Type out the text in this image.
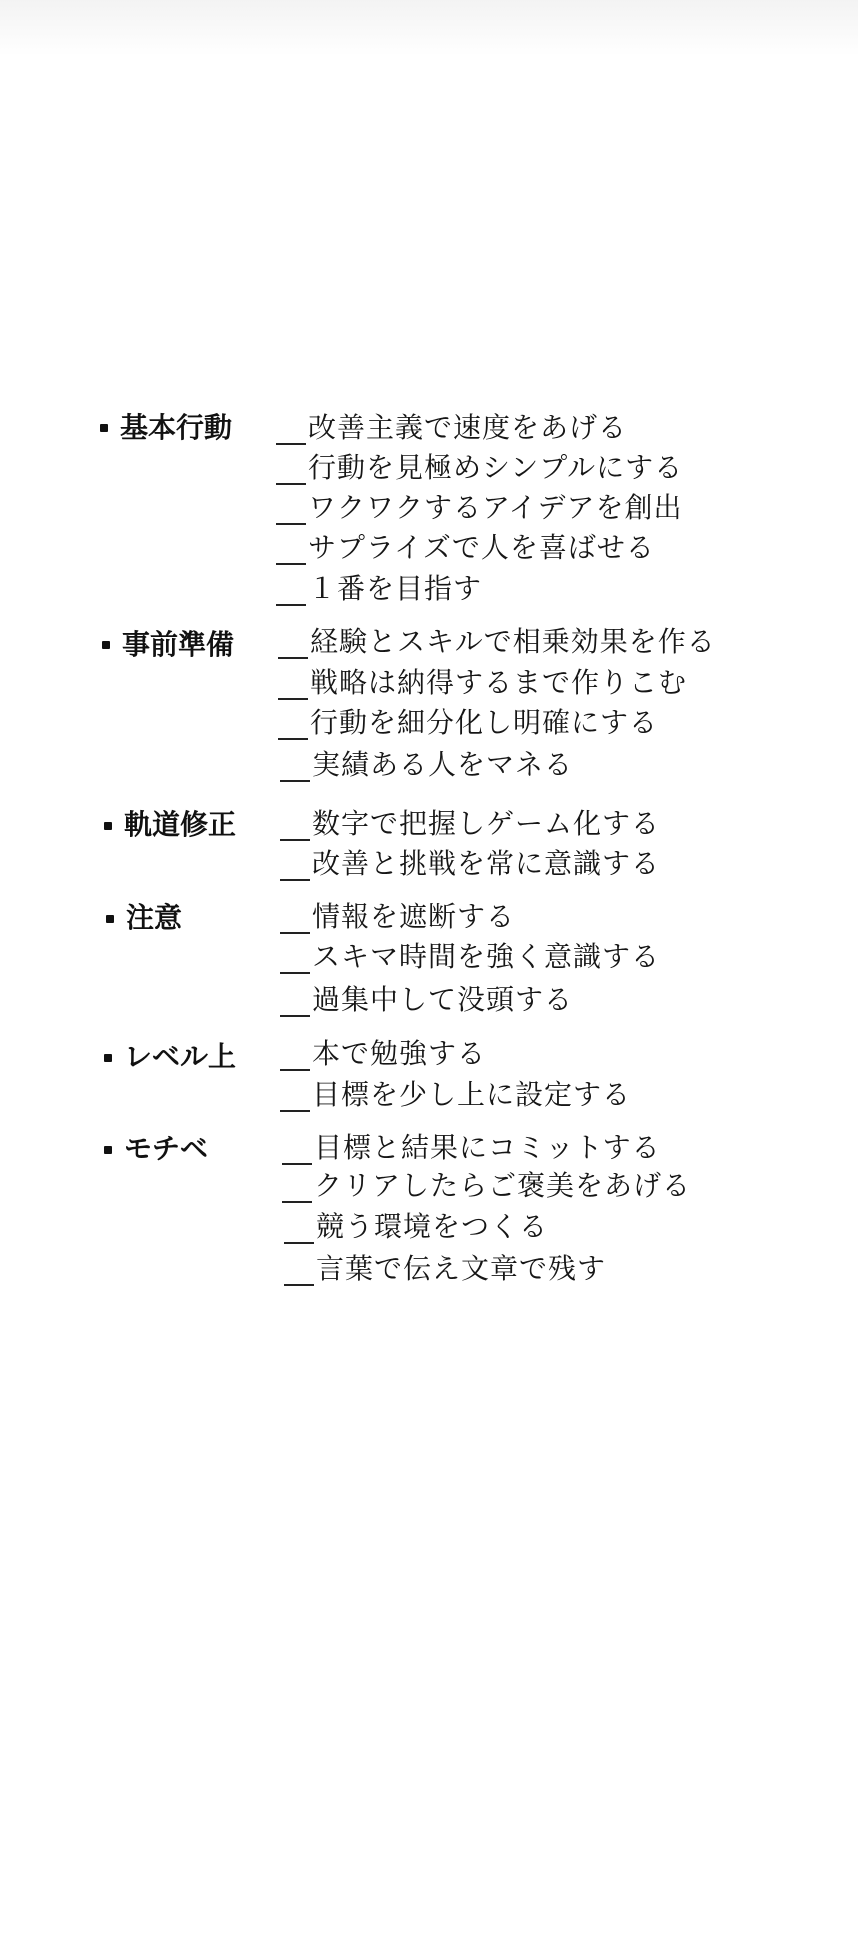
基本行動	改善主義で速度をあげる
行動を見極めシンプルにする
ワクワクするアイデアを創出
サプライズで人を喜ばせる
１番を目指す
事前準備	経験とスキルで相乗効果を作る
戦略は納得するまで作りこむ
行動を細分化し明確にする
実績ある人をマネる
軌道修正	数字で把握しゲーム化する
改善と挑戦を常に意識する
注意	情報を遮断する
スキマ時間を強く意識する
過集中して没頭する
レベル上	本で勉強する
目標を少し上に設定する
モチベ	目標と結果にコミットする
クリアしたらご褒美をあげる
競う環境をつくる
言葉で伝え文章で残す
